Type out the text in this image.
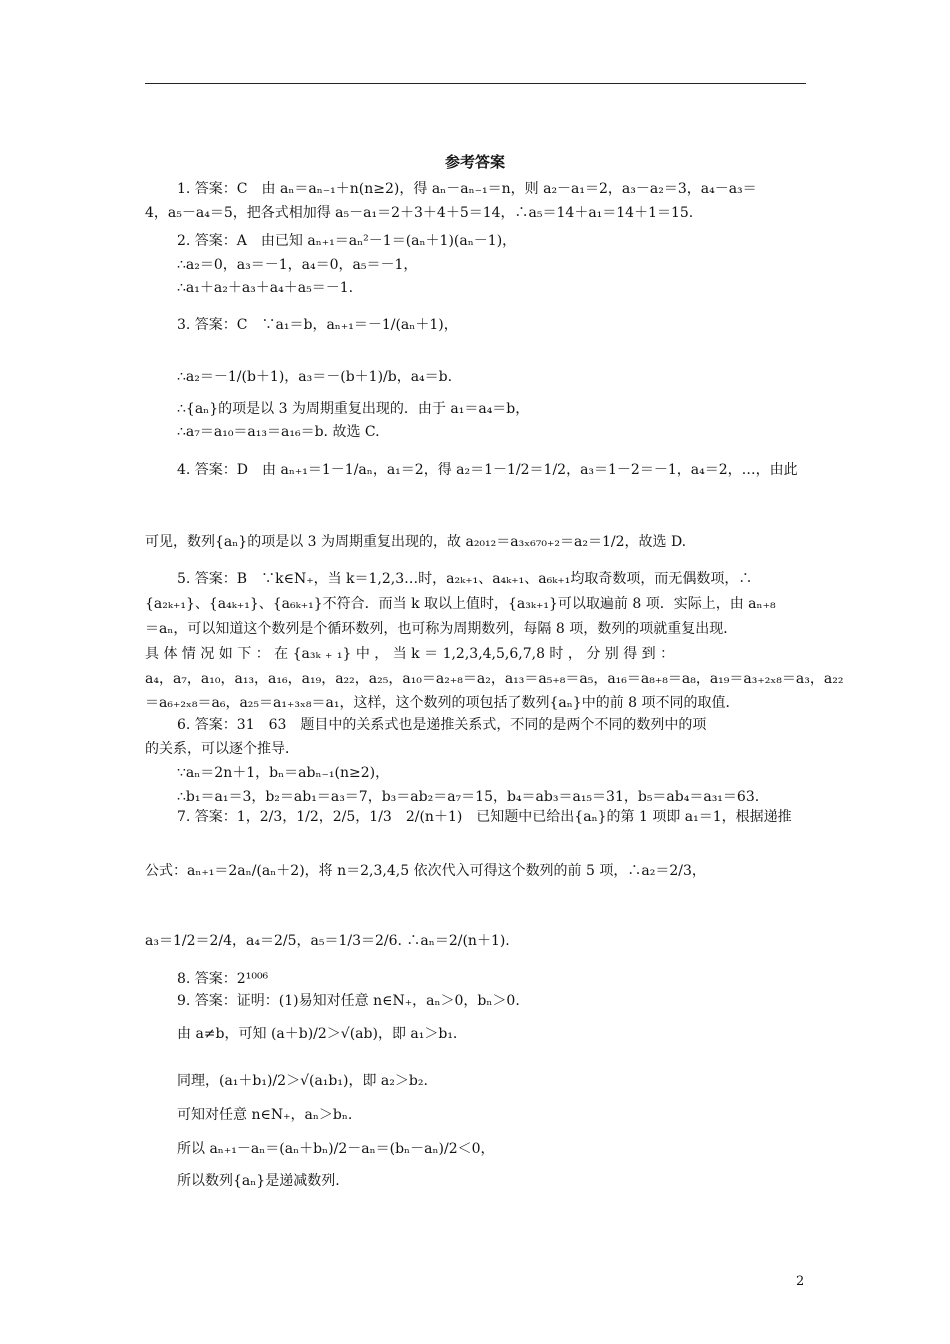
参考答案
1. 答案：C　由 aₙ＝aₙ₋₁＋n(n≥2)，得 aₙ－aₙ₋₁＝n，则 a₂－a₁＝2，a₃－a₂＝3，a₄－a₃＝
4，a₅－a₄＝5，把各式相加得 a₅－a₁＝2＋3＋4＋5＝14，∴a₅＝14＋a₁＝14＋1＝15.
2. 答案：A　由已知 aₙ₊₁＝aₙ²－1＝(aₙ＋1)(aₙ－1)，
∴a₂＝0，a₃＝－1，a₄＝0，a₅＝－1，
∴a₁＋a₂＋a₃＋a₄＋a₅＝－1.
3. 答案：C　∵a₁＝b，aₙ₊₁＝－1/(aₙ＋1)，
∴a₂＝－1/(b＋1)，a₃＝－(b＋1)/b，a₄＝b.
∴{aₙ}的项是以 3 为周期重复出现的．由于 a₁＝a₄＝b，
∴a₇＝a₁₀＝a₁₃＝a₁₆＝b. 故选 C.
4. 答案：D　由 aₙ₊₁＝1－1/aₙ，a₁＝2，得 a₂＝1－1/2＝1/2，a₃＝1－2＝－1，a₄＝2，…，由此
可见，数列{aₙ}的项是以 3 为周期重复出现的，故 a₂₀₁₂＝a₃ₓ₆₇₀₊₂＝a₂＝1/2，故选 D.
5. 答案：B　∵k∈N₊，当 k＝1,2,3…时，a₂ₖ₊₁、a₄ₖ₊₁、a₆ₖ₊₁均取奇数项，而无偶数项，∴
{a₂ₖ₊₁}、{a₄ₖ₊₁}、{a₆ₖ₊₁}不符合．而当 k 取以上值时，{a₃ₖ₊₁}可以取遍前 8 项．实际上，由 aₙ₊₈
＝aₙ，可以知道这个数列是个循环数列，也可称为周期数列，每隔 8 项，数列的项就重复出现．
具 体 情 况 如 下 ： 在 {a₃ₖ ₊ ₁} 中 ， 当 k ＝ 1,2,3,4,5,6,7,8 时 ， 分 别 得 到 ：
a₄，a₇，a₁₀，a₁₃，a₁₆，a₁₉，a₂₂，a₂₅，a₁₀＝a₂₊₈＝a₂，a₁₃＝a₅₊₈＝a₅，a₁₆＝a₈₊₈＝a₈，a₁₉＝a₃₊₂ₓ₈＝a₃，a₂₂
＝a₆₊₂ₓ₈＝a₆，a₂₅＝a₁₊₃ₓ₈＝a₁，这样，这个数列的项包括了数列{aₙ}中的前 8 项不同的取值．
6. 答案：31　63　题目中的关系式也是递推关系式，不同的是两个不同的数列中的项
的关系，可以逐个推导．
∵aₙ＝2n＋1，bₙ＝abₙ₋₁(n≥2)，
∴b₁＝a₁＝3，b₂＝ab₁＝a₃＝7，b₃＝ab₂＝a₇＝15，b₄＝ab₃＝a₁₅＝31，b₅＝ab₄＝a₃₁＝63.
7. 答案：1，2/3，1/2，2/5，1/3　2/(n＋1)　已知题中已给出{aₙ}的第 1 项即 a₁＝1，根据递推
公式：aₙ₊₁＝2aₙ/(aₙ＋2)，将 n＝2,3,4,5 依次代入可得这个数列的前 5 项，∴a₂＝2/3，
a₃＝1/2＝2/4，a₄＝2/5，a₅＝1/3＝2/6. ∴aₙ＝2/(n＋1).
8. 答案：2¹⁰⁰⁶
9. 答案：证明：(1)易知对任意 n∈N₊，aₙ＞0，bₙ＞0.
由 a≠b，可知 (a＋b)/2＞√(ab)，即 a₁＞b₁.
同理，(a₁＋b₁)/2＞√(a₁b₁)，即 a₂＞b₂.
可知对任意 n∈N₊，aₙ＞bₙ.
所以 aₙ₊₁－aₙ＝(aₙ＋bₙ)/2－aₙ＝(bₙ－aₙ)/2＜0，
所以数列{aₙ}是递减数列.
2
